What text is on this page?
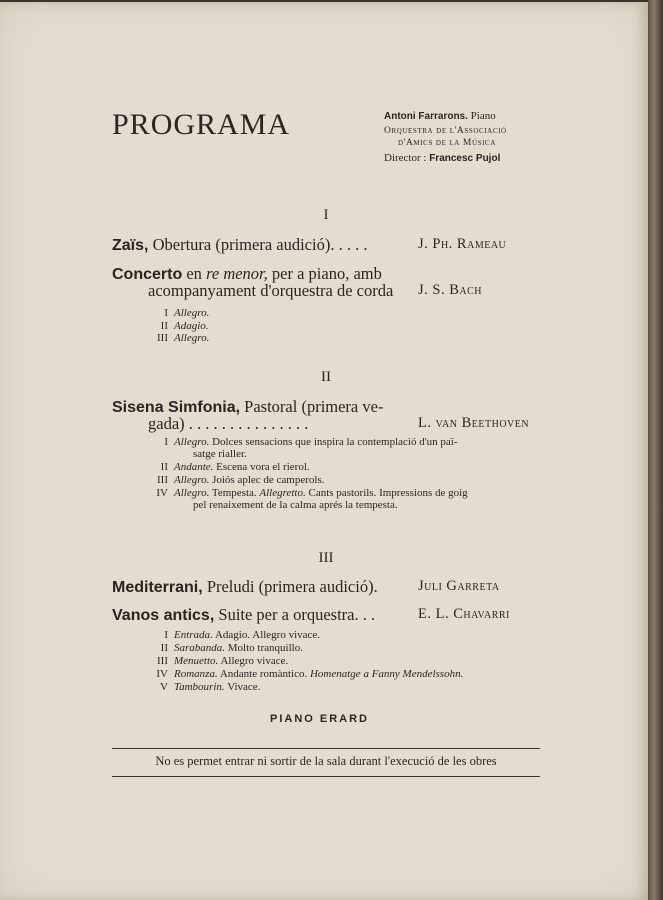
PROGRAMA	Antoni Farrarons. Piano
Orquestra de l'Associació
d'Amics de la Música
Director : Francesc Pujol
I
Zaïs, Obertura (primera audició). . . . .	J. Ph. Rameau
Concerto en re menor, per a piano, amb
acompanyament d'orquestra de corda J. S. Bach
I Allegro.
II Adagio.
III Allegro.
II
Sisena Simfonia, Pastoral (primera ve-
gada) . . . . . . . . . . . . . . .	L. van Beethoven
I Allegro. Dolces sensacions que inspira la contemplació d'un paï-
satge rialler.
II Andante. Escena vora el rierol.
III Allegro. Joiós aplec de camperols.
IV Allegro. Tempesta. Allegretto. Cants pastorils. Impressions de goig
pel renaixement de la calma aprés la tempesta.
III
Mediterrani, Preludi (primera audició).	Juli Garreta
Vanos antics, Suite per a orquestra. . .	E. L. Chavarri
I Entrada. Adagio. Allegro vivace.
II Sarabanda. Molto tranquillo.
III Menuetto. Allegro vivace.
IV Romanza. Andante romàntico. Homenatge a Fanny Mendelssohn.
V Tambourin. Vivace.
PIANO ERARD
No es permet entrar ni sortir de la sala durant l'execució de les obres
